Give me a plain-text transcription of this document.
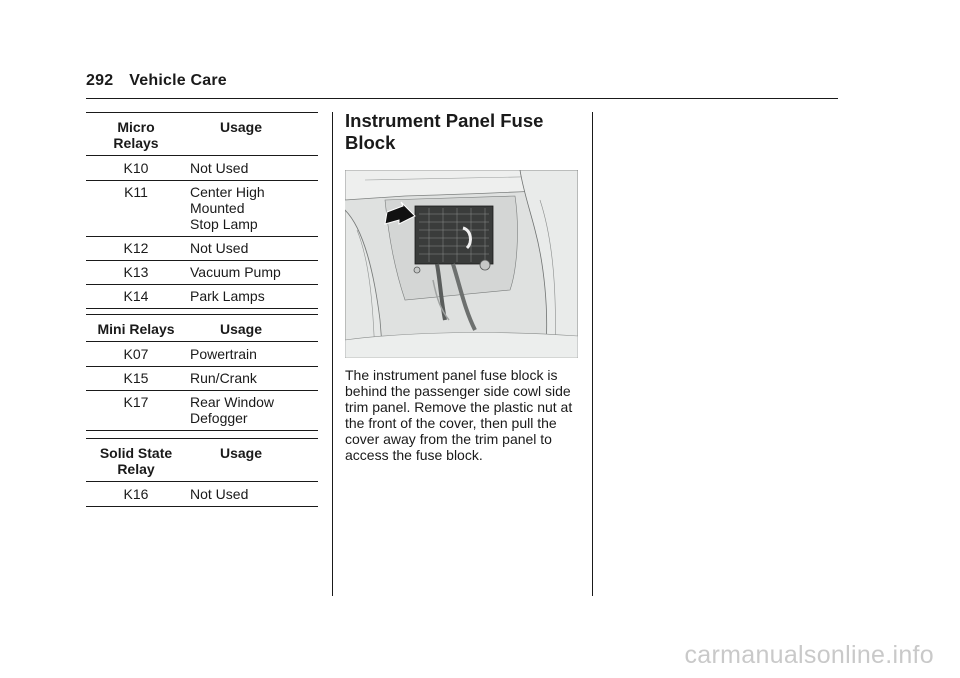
292 Vehicle Care
Micro
Relays	Usage
K10	Not Used
K11	Center High
Mounted
Stop Lamp
K12	Not Used
K13	Vacuum Pump
K14	Park Lamps
Mini Relays	Usage
K07	Powertrain
K15	Run/Crank
K17	Rear Window
Defogger
Solid State
Relay	Usage
K16	Not Used
Instrument Panel Fuse Block
The instrument panel fuse block is behind the passenger side cowl side trim panel. Remove the plastic nut at the front of the cover, then pull the cover away from the trim panel to access the fuse block.
carmanualsonline.info
